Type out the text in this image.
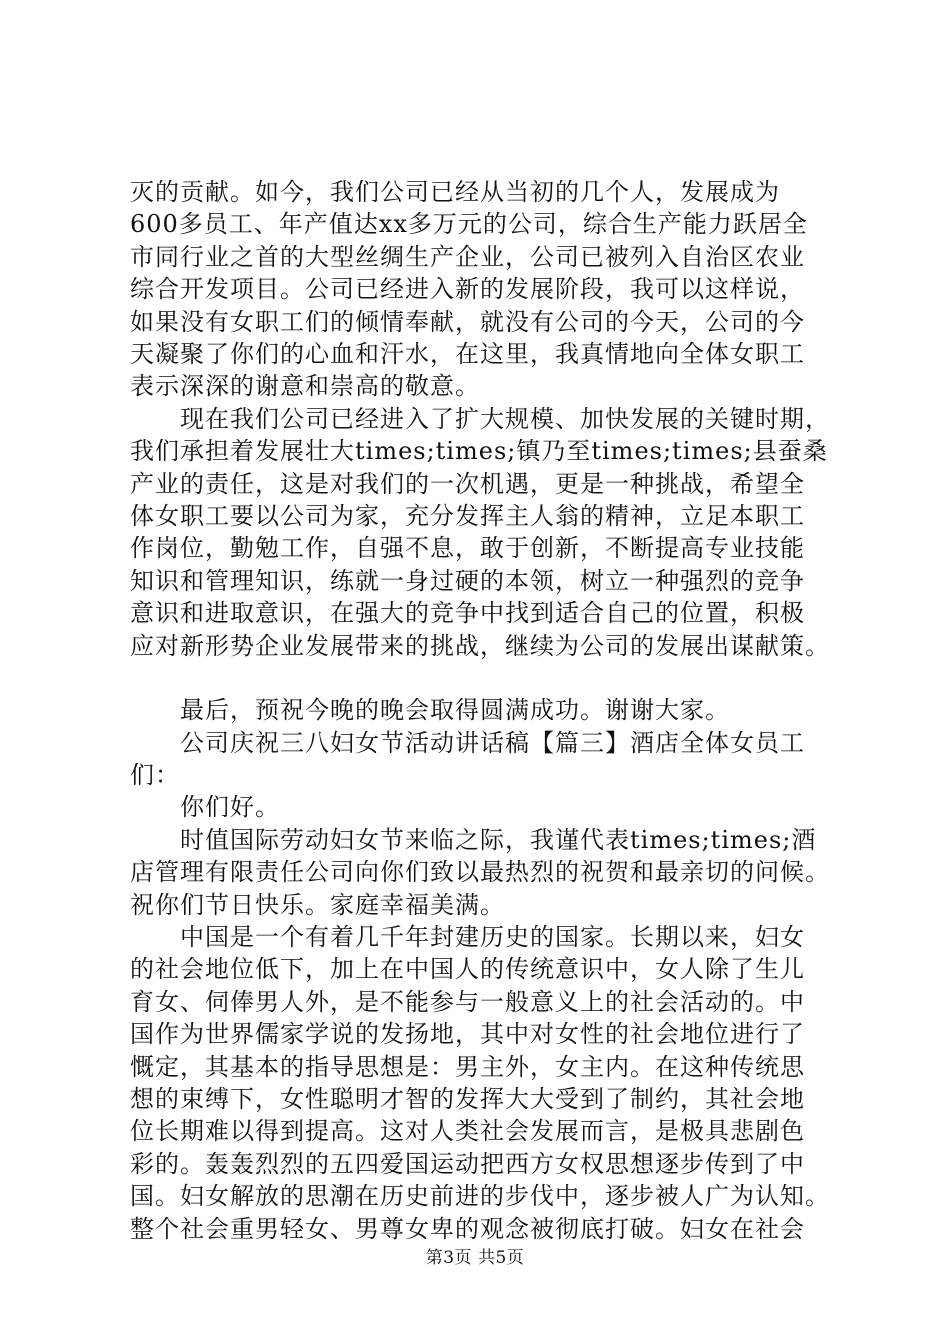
灭的贡献。如今，我们公司已经从当初的几个人，发展成为

600多员工、年产值达xx多万元的公司，综合生产能力跃居全

市同行业之首的大型丝绸生产企业，公司已被列入自治区农业

综合开发项目。公司已经进入新的发展阶段，我可以这样说，

如果没有女职工们的倾情奉献，就没有公司的今天，公司的今

天凝聚了你们的心血和汗水，在这里，我真情地向全体女职工

表示深深的谢意和崇高的敬意。

现在我们公司已经进入了扩大规模、加快发展的关键时期，

我们承担着发展壮大times;times;镇乃至times;times;县蚕桑

产业的责任，这是对我们的一次机遇，更是一种挑战，希望全

体女职工要以公司为家，充分发挥主人翁的精神，立足本职工

作岗位，勤勉工作，自强不息，敢于创新，不断提高专业技能

知识和管理知识，练就一身过硬的本领，树立一种强烈的竞争

意识和进取意识，在强大的竞争中找到适合自己的位置，积极

应对新形势企业发展带来的挑战，继续为公司的发展出谋献策。

最后，预祝今晚的晚会取得圆满成功。谢谢大家。

公司庆祝三八妇女节活动讲话稿【篇三】酒店全体女员工

们：

你们好。

时值国际劳动妇女节来临之际，我谨代表times;times;酒

店管理有限责任公司向你们致以最热烈的祝贺和最亲切的问候。

祝你们节日快乐。家庭幸福美满。

中国是一个有着几千年封建历史的国家。长期以来，妇女

的社会地位低下，加上在中国人的传统意识中，女人除了生儿

育女、伺俸男人外，是不能参与一般意义上的社会活动的。中

国作为世界儒家学说的发扬地，其中对女性的社会地位进行了

慨定，其基本的指导思想是：男主外，女主内。在这种传统思

想的束缚下，女性聪明才智的发挥大大受到了制约，其社会地

位长期难以得到提高。这对人类社会发展而言，是极具悲剧色

彩的。轰轰烈烈的五四爱国运动把西方女权思想逐步传到了中

国。妇女解放的思潮在历史前进的步伐中，逐步被人广为认知。

整个社会重男轻女、男尊女卑的观念被彻底打破。妇女在社会

第3页 共5页
